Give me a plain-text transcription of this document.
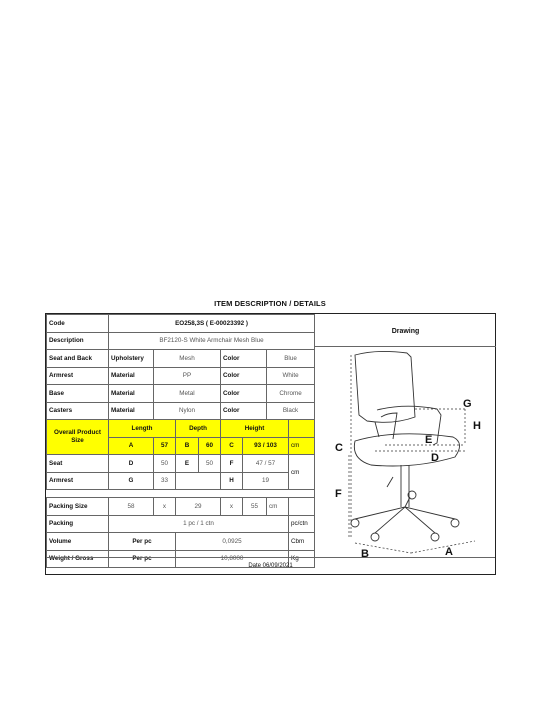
ITEM DESCRIPTION / DETAILS
Code	EO258,3S ( E-00023392 )							
Description	BF2120-S White Armchair Mesh Blue							
Seat and Back	Upholstery	Mesh			Color		Blue	
Armrest	Material	PP			Color		White	
Base	Material	Metal			Color		Chrome	
Casters	Material	Nylon			Color		Black	
Overall Product Size	Length		Depth		Height			
	A	57	B	60	C	93 / 103		cm
Seat	D	50	E	50	F	47 / 57		cm
Armrest	G	33			H	19		

Packing Size	58	x	29		x	55	cm	
Packing	1 pc / 1 ctn							pc/ctn
Volume	Per pc		0,0925					Cbm
Weight / Gross	Per pc		10,8000					Kg
Drawing
C
F
E
D
G
H
B	A
Date 06/09/2021
